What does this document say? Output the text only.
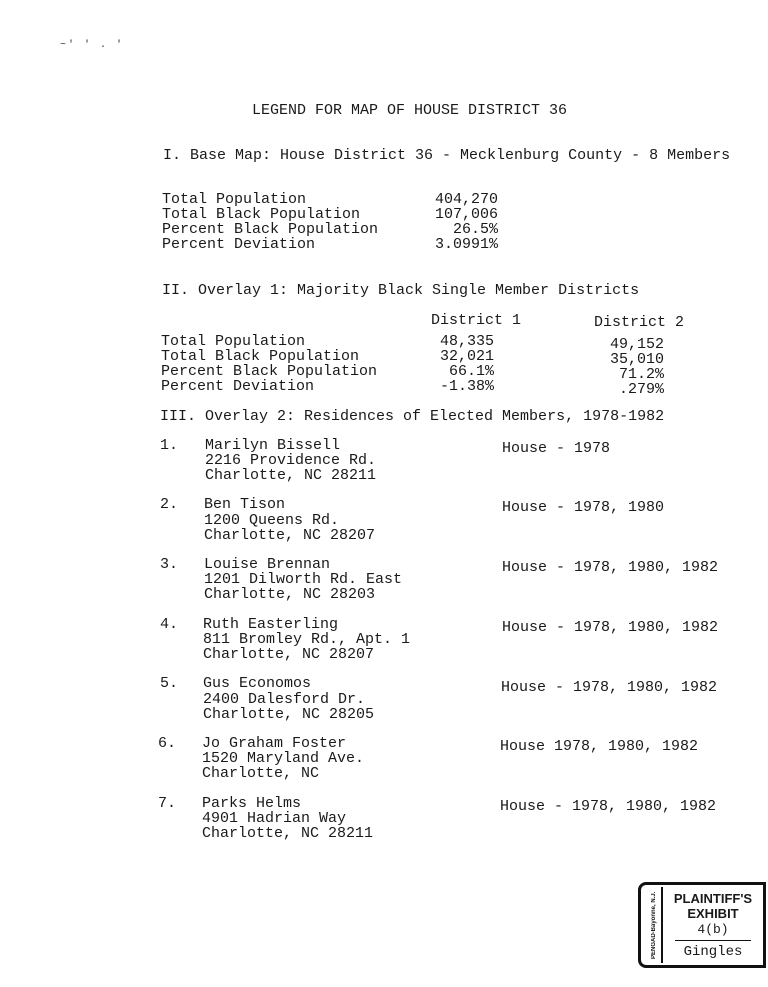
~' ' . '
LEGEND FOR MAP OF HOUSE DISTRICT 36
I. Base Map: House District 36 - Mecklenburg County - 8 Members
Total Population
Total Black Population
Percent Black Population
Percent Deviation
404,270
107,006
26.5%
3.0991%
II. Overlay 1: Majority Black Single Member Districts
District 1	District 2
Total Population
Total Black Population
Percent Black Population
Percent Deviation
48,335
32,021
66.1%
-1.38%
49,152
35,010
71.2%
.279%
III. Overlay 2: Residences of Elected Members, 1978-1982
1. Marilyn Bissell
2216 Providence Rd.
Charlotte, NC 28211
House - 1978
2. Ben Tison
1200 Queens Rd.
Charlotte, NC 28207
House - 1978, 1980
3. Louise Brennan
1201 Dilworth Rd. East
Charlotte, NC 28203
House - 1978, 1980, 1982
4. Ruth Easterling
811 Bromley Rd., Apt. 1
Charlotte, NC 28207
House - 1978, 1980, 1982
5. Gus Economos
2400 Dalesford Dr.
Charlotte, NC 28205
House - 1978, 1980, 1982
6. Jo Graham Foster
1520 Maryland Ave.
Charlotte, NC
House 1978, 1980, 1982
7. Parks Helms
4901 Hadrian Way
Charlotte, NC 28211
House - 1978, 1980, 1982
PENGAD-Bayonne, N.J.	PLAINTIFF'S
EXHIBIT
4(b)
Gingles
